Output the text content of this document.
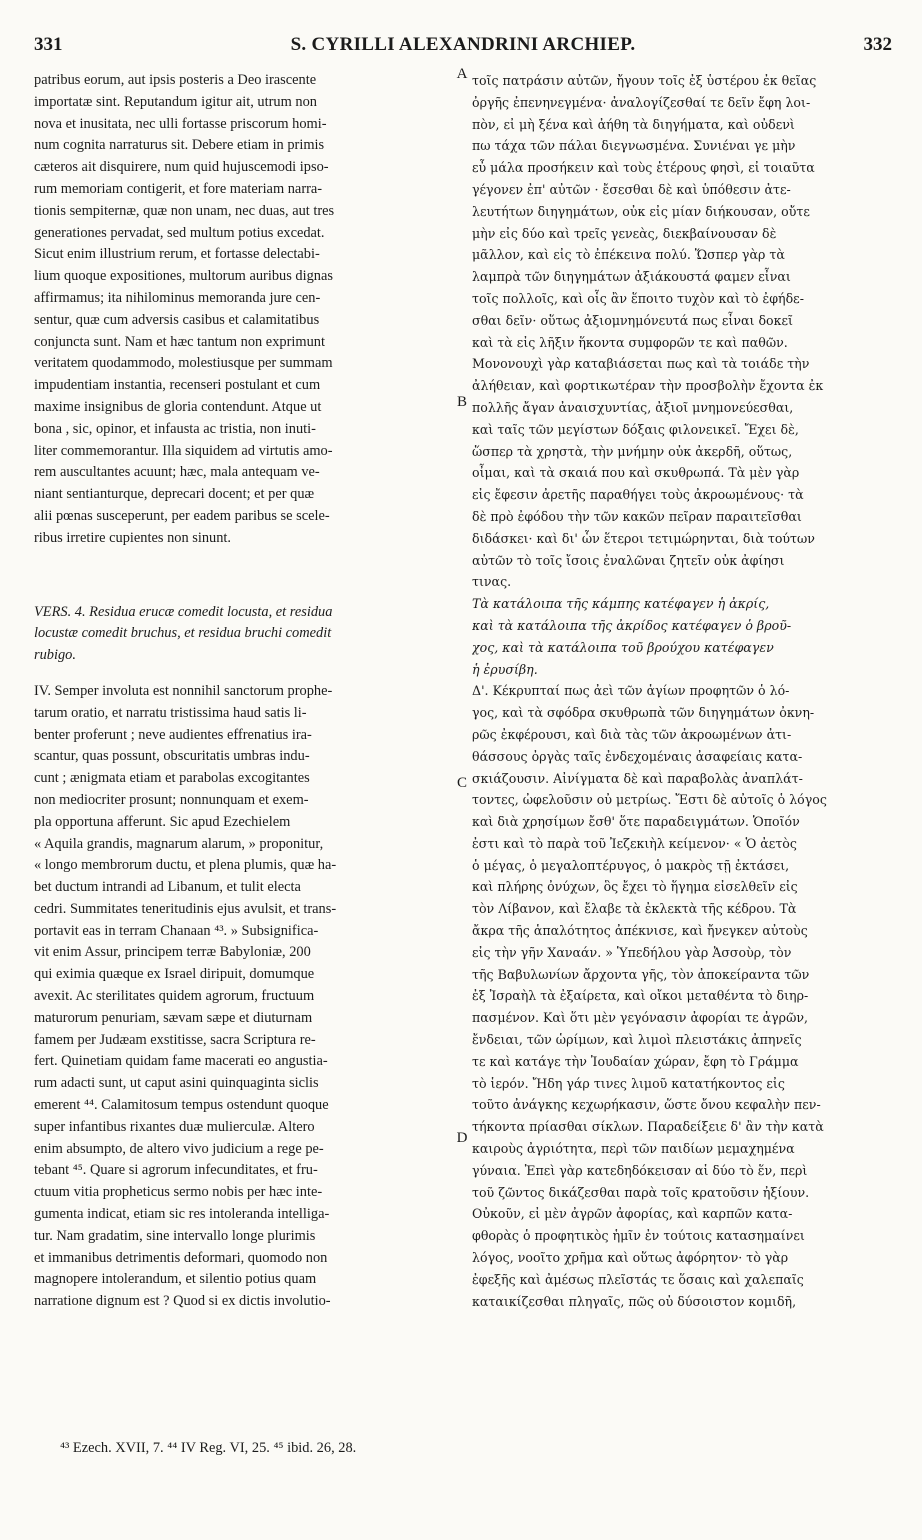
331	S. CYRILLI ALEXANDRINI ARCHIEP.	332
patribus eorum, aut ipsis posteris a Deo irascente
importatæ sint. Reputandum igitur ait, utrum non
nova et inusitata, nec ulli fortasse priscorum homi-
num cognita narraturus sit. Debere etiam in primis
cæteros ait disquirere, num quid hujuscemodi ipso-
rum memoriam contigerit, et fore materiam narra-
tionis sempiternæ, quæ non unam, nec duas, aut tres
generationes pervadat, sed multum potius excedat.
Sicut enim illustrium rerum, et fortasse delectabi-
lium quoque expositiones, multorum auribus dignas
affirmamus; ita nihilominus memoranda jure cen-
sentur, quæ cum adversis casibus et calamitatibus
conjuncta sunt. Nam et hæc tantum non exprimunt
veritatem quodammodo, molestiusque per summam
impudentiam instantia, recenseri postulant et cum
maxime insignibus de gloria contendunt. Atque ut
bona , sic, opinor, et infausta ac tristia, non inuti-
liter commemorantur. Illa siquidem ad virtutis amo-
rem auscultantes acuunt; hæc, mala antequam ve-
niant sentianturque, deprecari docent; et per quæ
alii pœnas susceperunt, per eadem paribus se scele-
ribus irretire cupientes non sinunt.
VERS. 4. Residua erucæ comedit locusta, et residua
locustæ comedit bruchus, et residua bruchi comedit
rubigo.
IV. Semper involuta est nonnihil sanctorum prophe-
tarum oratio, et narratu tristissima haud satis li-
benter proferunt ; neve audientes effrenatius ira-
scantur, quas possunt, obscuritatis umbras indu-
cunt ; ænigmata etiam et parabolas excogitantes
non mediocriter prosunt; nonnunquam et exem-
pla opportuna afferunt. Sic apud Ezechielem
« Aquila grandis, magnarum alarum, » proponitur,
« longo membrorum ductu, et plena plumis, quæ ha-
bet ductum intrandi ad Libanum, et tulit electa
cedri. Summitates teneritudinis ejus avulsit, et trans-
portavit eas in terram Chanaan ⁴³. » Subsignifica-
vit enim Assur, principem terræ Babyloniæ, 200
qui eximia quæque ex Israel diripuit, domumque
avexit. Ac sterilitates quidem agrorum, fructuum
maturorum penuriam, sævam sæpe et diuturnam
famem per Judæam exstitisse, sacra Scriptura re-
fert. Quinetiam quidam fame macerati eo angustia-
rum adacti sunt, ut caput asini quinquaginta siclis
emerent ⁴⁴. Calamitosum tempus ostendunt quoque
super infantibus rixantes duæ mulierculæ. Altero
enim absumpto, de altero vivo judicium a rege pe-
tebant ⁴⁵. Quare si agrorum infecunditates, et fru-
ctuum vitia propheticus sermo nobis per hæc inte-
gumenta indicat, etiam sic res intoleranda intelliga-
tur. Nam gradatim, sine intervallo longe plurimis
et immanibus detrimentis deformari, quomodo non
magnopere intolerandum, et silentio potius quam
narratione dignum est ? Quod si ex dictis involutio-
τοῖς πατράσιν αὐτῶν, ἤγουν τοῖς ἐξ ὑστέρου ἐκ θεῖας
ὀργῆς ἐπενηνεγμένα· ἀναλογίζεσθαί τε δεῖν ἔφη λοι-
πὸν, εἰ μὴ ξένα καὶ ἀήθη τὰ διηγήματα, καὶ οὐδενὶ
πω τάχα τῶν πάλαι διεγνωσμένα. Συνιέναι γε μὴν
εὖ μάλα προσήκειν καὶ τοὺς ἑτέρους φησὶ, εἰ τοιαῦτα
γέγονεν ἐπ' αὐτῶν · ἔσεσθαι δὲ καὶ ὑπόθεσιν ἀτε-
λευτήτων διηγημάτων, οὐκ εἰς μίαν διήκουσαν, οὔτε
μὴν εἰς δύο καὶ τρεῖς γενεὰς, διεκβαίνουσαν δὲ
μᾶλλον, καὶ εἰς τὸ ἐπέκεινα πολύ. Ὥσπερ γὰρ τὰ
λαμπρὰ τῶν διηγημάτων ἀξιάκουστά φαμεν εἶναι
τοῖς πολλοῖς, καὶ οἷς ἂν ἕποιτο τυχὸν καὶ τὸ ἐφήδε-
σθαι δεῖν· οὕτως ἀξιομνημόνευτά πως εἶναι δοκεῖ
καὶ τὰ εἰς λῆξιν ἥκοντα συμφορῶν τε καὶ παθῶν.
Μονονουχὶ γὰρ καταβιάσεται πως καὶ τὰ τοιάδε τὴν
ἀλήθειαν, καὶ φορτικωτέραν τὴν προσβολὴν ἔχοντα ἐκ
πολλῆς ἄγαν ἀναισχυντίας, ἀξιοῖ μνημονεύεσθαι,
καὶ ταῖς τῶν μεγίστων δόξαις φιλονεικεῖ. Ἔχει δὲ,
ὥσπερ τὰ χρηστὰ, τὴν μνήμην οὐκ ἀκερδῆ, οὕτως,
οἶμαι, καὶ τὰ σκαιά που καὶ σκυθρωπά. Τὰ μὲν γὰρ
εἰς ἔφεσιν ἀρετῆς παραθήγει τοὺς ἀκροωμένους· τὰ
δὲ πρὸ ἐφόδου τὴν τῶν κακῶν πεῖραν παραιτεῖσθαι
διδάσκει· καὶ δι' ὧν ἕτεροι τετιμώρηνται, διὰ τούτων
αὐτῶν τὸ τοῖς ἴσοις ἐναλῶναι ζητεῖν οὐκ ἀφίησι
τινας.
Τὰ κατάλοιπα τῆς κάμπης κατέφαγεν ἡ ἀκρίς,
καὶ τὰ κατάλοιπα τῆς ἀκρίδος κατέφαγεν ὁ βροῦ-
χος, καὶ τὰ κατάλοιπα τοῦ βρούχου κατέφαγεν
ἡ ἐρυσίβη.
Δ'. Κέκρυπταί πως ἀεὶ τῶν ἁγίων προφητῶν ὁ λό-
γος, καὶ τὰ σφόδρα σκυθρωπὰ τῶν διηγημάτων ὀκνη-
ρῶς ἐκφέρουσι, καὶ διὰ τὰς τῶν ἀκροωμένων ἀτι-
θάσσους ὀργὰς ταῖς ἐνδεχομέναις ἀσαφείαις κατα-
σκιάζουσιν. Αἰνίγματα δὲ καὶ παραβολὰς ἀναπλάτ-
τοντες, ὠφελοῦσιν οὐ μετρίως. Ἔστι δὲ αὐτοῖς ὁ λόγος
καὶ διὰ χρησίμων ἔσθ' ὅτε παραδειγμάτων. Ὁποῖόν
ἐστι καὶ τὸ παρὰ τοῦ Ἰεζεκιὴλ κείμενον· « Ὁ ἀετὸς
ὁ μέγας, ὁ μεγαλοπτέρυγος, ὁ μακρὸς τῇ ἐκτάσει,
καὶ πλήρης ὀνύχων, ὃς ἔχει τὸ ἥγημα εἰσελθεῖν εἰς
τὸν Λίβανον, καὶ ἔλαβε τὰ ἐκλεκτὰ τῆς κέδρου. Τὰ
ἄκρα τῆς ἁπαλότητος ἀπέκνισε, καὶ ἤνεγκεν αὐτοὺς
εἰς τὴν γῆν Χαναάν. » Ὑπεδήλου γὰρ Ἀσσοὺρ, τὸν
τῆς Βαβυλωνίων ἄρχοντα γῆς, τὸν ἀποκείραντα τῶν
ἐξ Ἰσραὴλ τὰ ἐξαίρετα, καὶ οἴκοι μεταθέντα τὸ διηρ-
πασμένον. Καὶ ὅτι μὲν γεγόνασιν ἀφορίαι τε ἀγρῶν,
ἔνδειαι, τῶν ὡρίμων, καὶ λιμοὶ πλειστάκις ἀπηνεῖς
τε καὶ κατάγε τὴν Ἰουδαίαν χώραν, ἔφη τὸ Γράμμα
τὸ ἱερόν. Ἤδη γάρ τινες λιμοῦ κατατήκοντος εἰς
τοῦτο ἀνάγκης κεχωρήκασιν, ὥστε ὄνου κεφαλὴν πεν-
τήκοντα πρίασθαι σίκλων. Παραδείξειε δ' ἂν τὴν κατὰ
καιροὺς ἀγριότητα, περὶ τῶν παιδίων μεμαχημένα
γύναια. Ἐπεὶ γὰρ κατεδηδόκεισαν αἱ δύο τὸ ἕν, περὶ
τοῦ ζῶντος δικάζεσθαι παρὰ τοῖς κρατοῦσιν ἠξίουν.
Οὐκοῦν, εἰ μὲν ἀγρῶν ἀφορίας, καὶ καρπῶν κατα-
φθορὰς ὁ προφητικὸς ἡμῖν ἐν τούτοις κατασημαίνει
λόγος, νοοῖτο χρῆμα καὶ οὕτως ἀφόρητον· τὸ γὰρ
ἐφεξῆς καὶ ἀμέσως πλεῖστάς τε ὅσαις καὶ χαλεπαῖς
καταικίζεσθαι πληγαῖς, πῶς οὐ δύσοιστον κομιδῆ,
A
B
C
D
⁴³ Ezech. XVII, 7. ⁴⁴ IV Reg. VI, 25. ⁴⁵ ibid. 26, 28.
